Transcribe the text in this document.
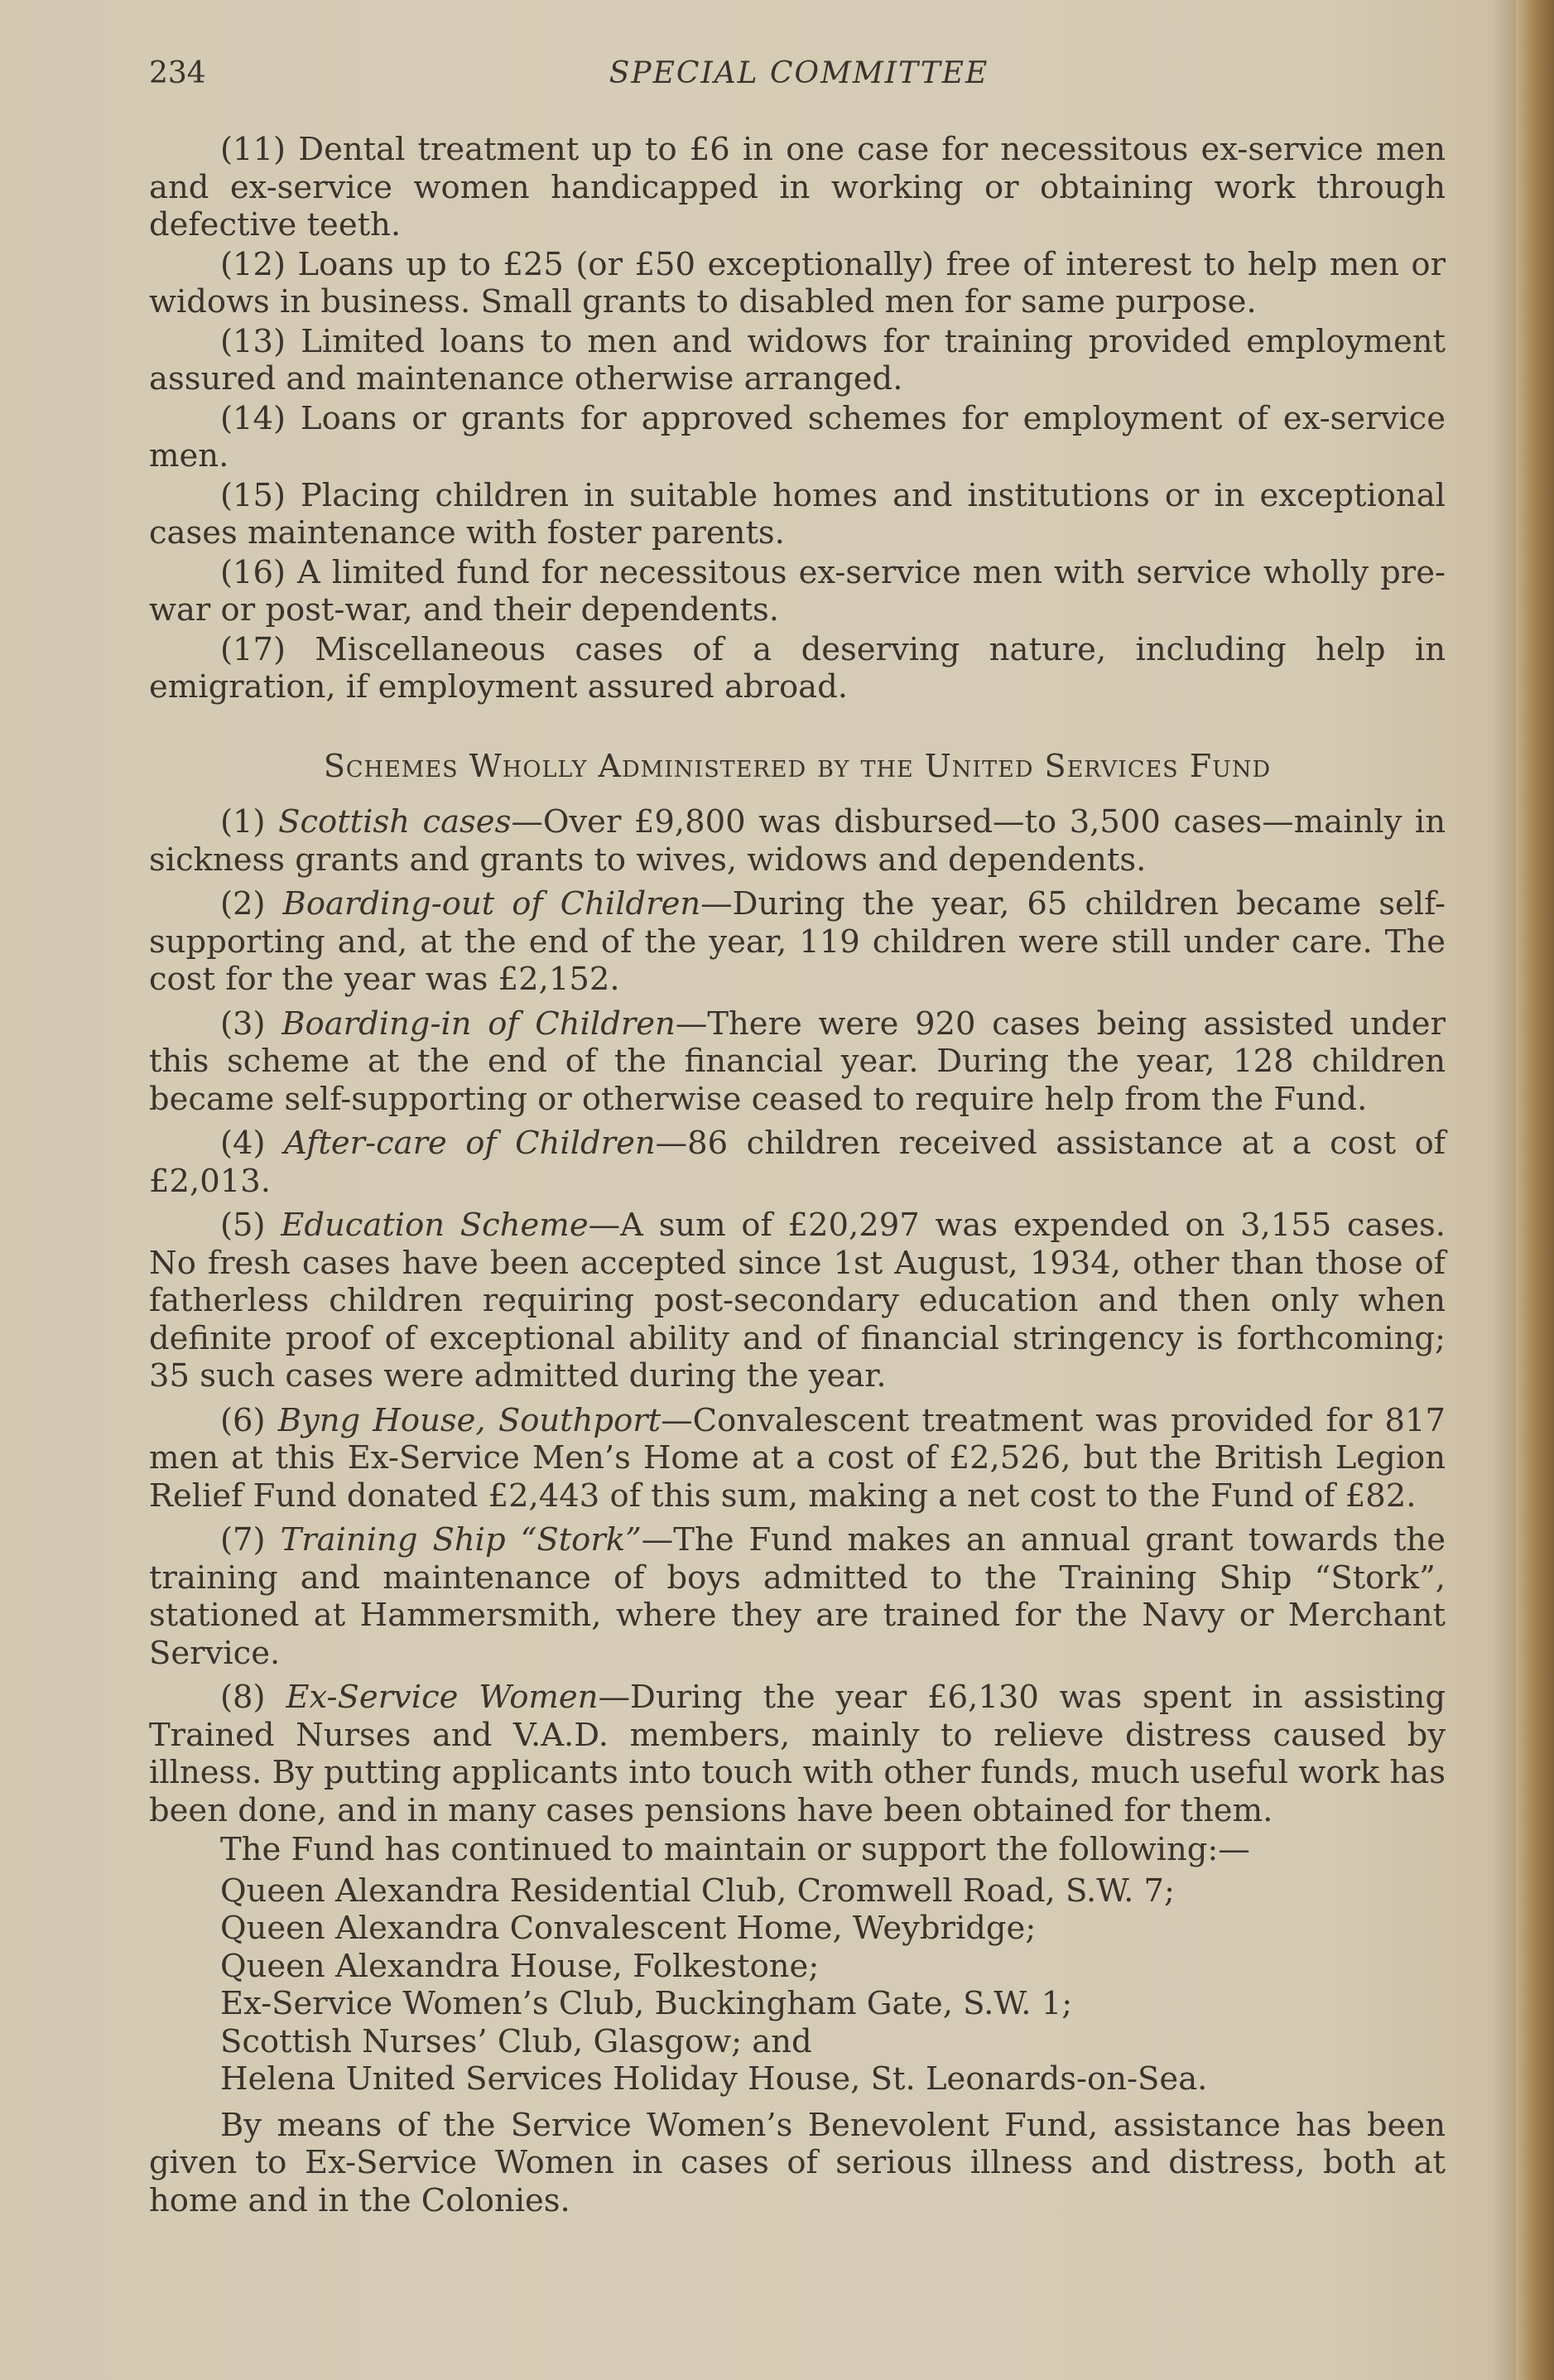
234	SPECIAL COMMITTEE

(11) Dental treatment up to £6 in one case for necessitous ex-service men and ex-service women handicapped in working or obtaining work through defective teeth.

(12) Loans up to £25 (or £50 exceptionally) free of interest to help men or widows in business. Small grants to disabled men for same purpose.

(13) Limited loans to men and widows for training provided employment assured and maintenance otherwise arranged.

(14) Loans or grants for approved schemes for employment of ex-service men.

(15) Placing children in suitable homes and institutions or in exceptional cases maintenance with foster parents.

(16) A limited fund for necessitous ex-service men with service wholly pre-war or post-war, and their dependents.

(17) Miscellaneous cases of a deserving nature, including help in emigration, if employment assured abroad.

Schemes Wholly Administered by the United Services Fund

(1) Scottish cases—Over £9,800 was disbursed—to 3,500 cases—mainly in sickness grants and grants to wives, widows and dependents.

(2) Boarding-out of Children—During the year, 65 children became self-supporting and, at the end of the year, 119 children were still under care. The cost for the year was £2,152.

(3) Boarding-in of Children—There were 920 cases being assisted under this scheme at the end of the financial year. During the year, 128 children became self-supporting or otherwise ceased to require help from the Fund.

(4) After-care of Children—86 children received assistance at a cost of £2,013.

(5) Education Scheme—A sum of £20,297 was expended on 3,155 cases. No fresh cases have been accepted since 1st August, 1934, other than those of fatherless children requiring post-secondary education and then only when definite proof of exceptional ability and of financial stringency is forthcoming; 35 such cases were admitted during the year.

(6) Byng House, Southport—Convalescent treatment was provided for 817 men at this Ex-Service Men’s Home at a cost of £2,526, but the British Legion Relief Fund donated £2,443 of this sum, making a net cost to the Fund of £82.

(7) Training Ship “Stork”—The Fund makes an annual grant towards the training and maintenance of boys admitted to the Training Ship “Stork”, stationed at Hammersmith, where they are trained for the Navy or Merchant Service.

(8) Ex-Service Women—During the year £6,130 was spent in assisting Trained Nurses and V.A.D. members, mainly to relieve distress caused by illness. By putting applicants into touch with other funds, much useful work has been done, and in many cases pensions have been obtained for them.

The Fund has continued to maintain or support the following:—

Queen Alexandra Residential Club, Cromwell Road, S.W. 7;

Queen Alexandra Convalescent Home, Weybridge;

Queen Alexandra House, Folkestone;

Ex-Service Women’s Club, Buckingham Gate, S.W. 1;

Scottish Nurses’ Club, Glasgow; and

Helena United Services Holiday House, St. Leonards-on-Sea.

By means of the Service Women’s Benevolent Fund, assistance has been given to Ex-Service Women in cases of serious illness and distress, both at home and in the Colonies.
